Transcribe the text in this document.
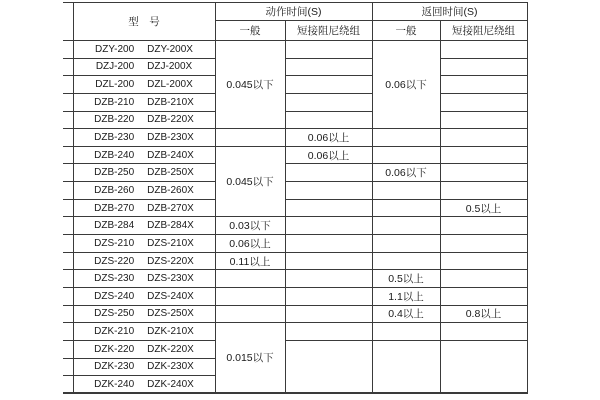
	型　号	动作时间(S)		返回时间(S)	
		一般	短接阻尼绕组	一般	短接阻尼绕组

	DZY-200 DZY-200X	0.045以下		0.06以下	

	DZJ-200 DZJ-200X				

	DZL-200 DZL-200X				

	DZB-210 DZB-210X				

	DZB-220 DZB-220X				

	DZB-230 DZB-230X		0.06以上		

	DZB-240 DZB-240X	0.045以下	0.06以上		

	DZB-250 DZB-250X			0.06以下	

	DZB-260 DZB-260X				

	DZB-270 DZB-270X				0.5以上

	DZB-284 DZB-284X	0.03以下			

	DZS-210 DZS-210X	0.06以上			

	DZS-220 DZS-220X	0.11以上			

	DZS-230 DZS-230X			0.5以上	

	DZS-240 DZS-240X			1.1以上	

	DZS-250 DZS-250X			0.4以上	0.8以上

	DZK-210 DZK-210X	0.015以下			

	DZK-220 DZK-220X				

	DZK-230 DZK-230X				

	DZK-240 DZK-240X				
